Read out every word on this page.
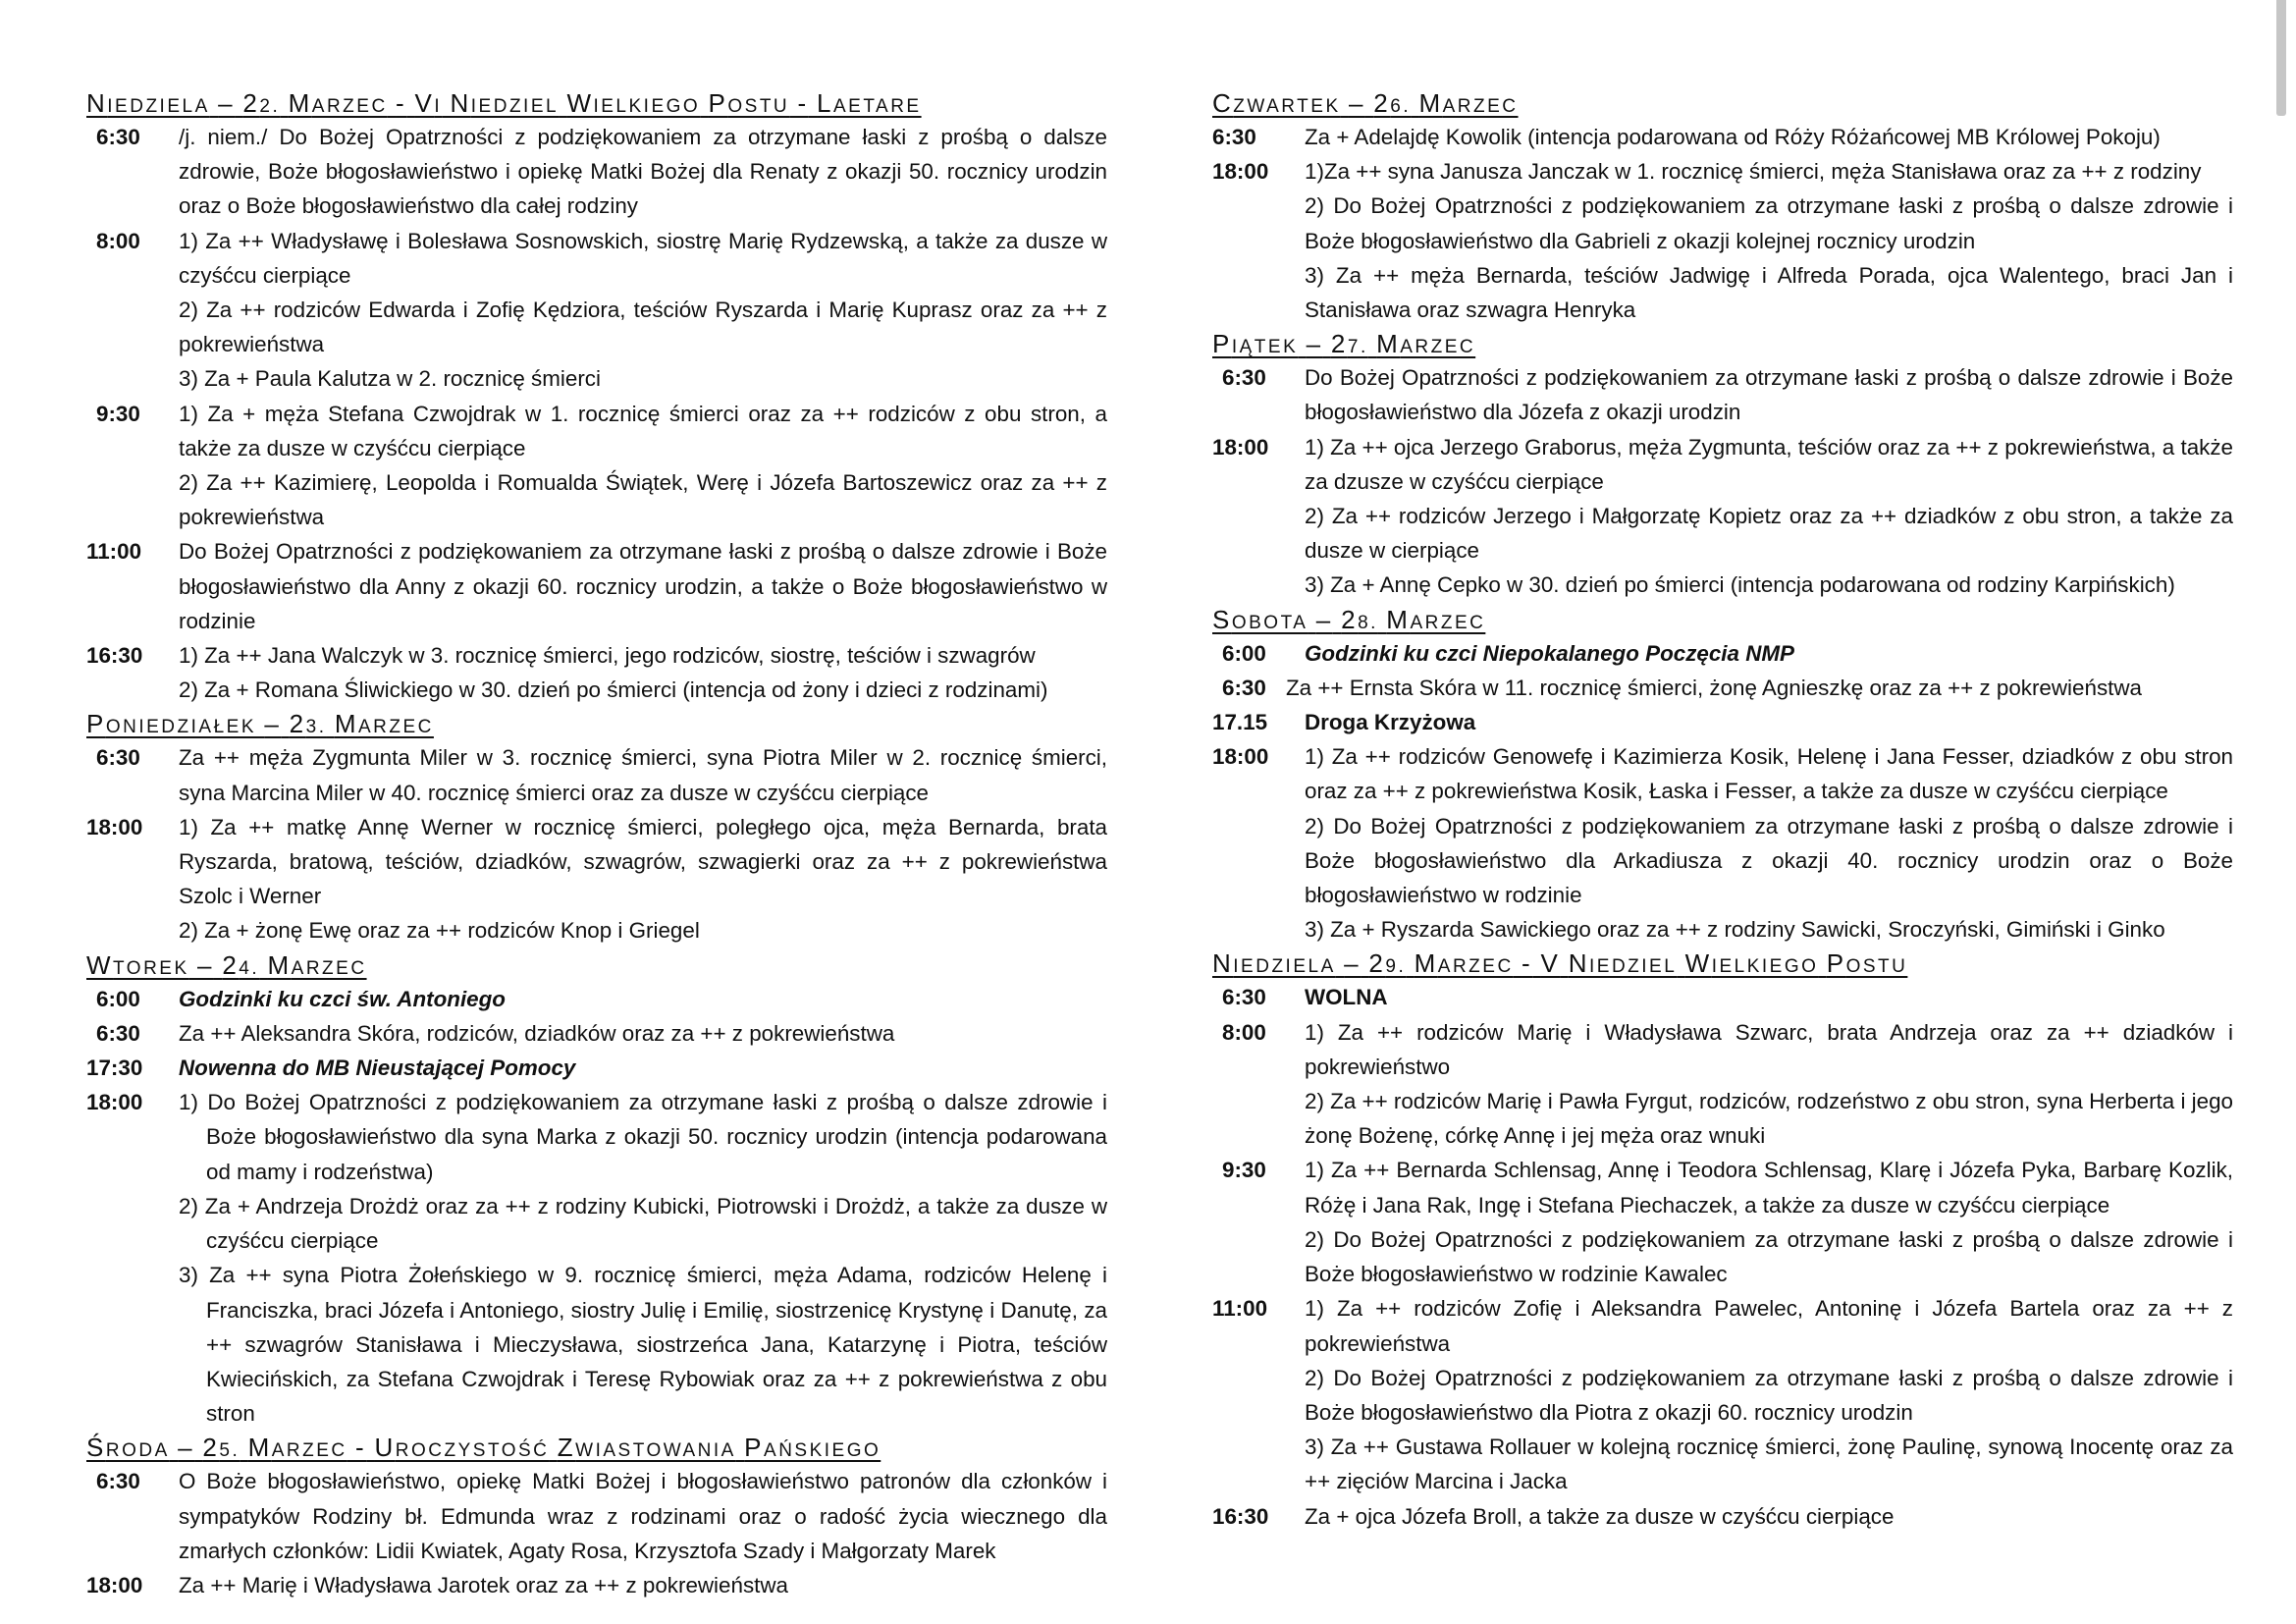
NIEDZIELA – 22. MARZEC - VI NIEDZIEL WIELKIEGO POSTU - LAETARE
6:30	/j. niem./ Do Bożej Opatrzności z podziękowaniem za otrzymane łaski z prośbą o dalsze zdrowie, Boże błogosławieństwo i opiekę Matki Bożej dla Renaty z okazji 50. rocznicy urodzin oraz o Boże błogosławieństwo dla całej rodziny
8:00	1) Za ++ Władysławę i Bolesława Sosnowskich, siostrę Marię Rydzewską, a także za dusze w czyśćcu cierpiące
2) Za ++ rodziców Edwarda i Zofię Kędziora, teściów Ryszarda i Marię Kuprasz oraz za ++ z pokrewieństwa
3) Za + Paula Kalutza w 2. rocznicę śmierci
9:30	1) Za + męża Stefana Czwojdrak w 1. rocznicę śmierci oraz za ++ rodziców z obu stron, a także za dusze w czyśćcu cierpiące
2) Za ++ Kazimierę, Leopolda i Romualda Świątek, Werę i Józefa Bartoszewicz oraz za ++ z pokrewieństwa
11:00	Do Bożej Opatrzności z podziękowaniem za otrzymane łaski z prośbą o dalsze zdrowie i Boże błogosławieństwo dla Anny z okazji 60. rocznicy urodzin, a także o Boże błogosławieństwo w rodzinie
16:30	1) Za ++ Jana Walczyk w 3. rocznicę śmierci, jego rodziców, siostrę, teściów i szwagrów
2) Za + Romana Śliwickiego w 30. dzień po śmierci (intencja od żony i dzieci z rodzinami)
PONIEDZIAŁEK – 23. MARZEC
6:30	Za ++ męża Zygmunta Miler w 3. rocznicę śmierci, syna Piotra Miler w 2. rocznicę śmierci, syna Marcina Miler w 40. rocznicę śmierci oraz za dusze w czyśćcu cierpiące
18:00	1) Za ++ matkę Annę Werner w rocznicę śmierci, poległego ojca, męża Bernarda, brata Ryszarda, bratową, teściów, dziadków, szwagrów, szwagierki oraz za ++ z pokrewieństwa Szolc i Werner
2) Za + żonę Ewę oraz za ++ rodziców Knop i Griegel
WTOREK – 24. MARZEC
6:00	Godzinki ku czci św. Antoniego
6:30	Za ++ Aleksandra Skóra, rodziców, dziadków oraz za ++ z pokrewieństwa
17:30	Nowenna do MB Nieustającej Pomocy
18:00	1) Do Bożej Opatrzności z podziękowaniem za otrzymane łaski z prośbą o dalsze zdrowie i Boże błogosławieństwo dla syna Marka z okazji 50. rocznicy urodzin (intencja podarowana od mamy i rodzeństwa)
2) Za + Andrzeja Drożdż oraz za ++ z rodziny Kubicki, Piotrowski i Drożdż, a także za dusze w czyśćcu cierpiące
3) Za ++ syna Piotra Żołeńskiego w 9. rocznicę śmierci, męża Adama, rodziców Helenę i Franciszka, braci Józefa i Antoniego, siostry Julię i Emilię, siostrzenicę Krystynę i Danutę, za ++ szwagrów Stanisława i Mieczysława, siostrzeńca Jana, Katarzynę i Piotra, teściów Kwiecińskich, za Stefana Czwojdrak i Teresę Rybowiak oraz za ++ z pokrewieństwa z obu stron
ŚRODA – 25. MARZEC - UROCZYSTOŚĆ ZWIASTOWANIA PAŃSKIEGO
6:30	O Boże błogosławieństwo, opiekę Matki Bożej i błogosławieństwo patronów dla członków i sympatyków Rodziny bł. Edmunda wraz z rodzinami oraz o radość życia wiecznego dla zmarłych członków: Lidii Kwiatek, Agaty Rosa, Krzysztofa Szady i Małgorzaty Marek
18:00	Za ++ Marię i Władysława Jarotek oraz za ++ z pokrewieństwa
CZWARTEK – 26. MARZEC
6:30	Za + Adelajdę Kowolik (intencja podarowana od Róży Różańcowej MB Królowej Pokoju)
18:00	1)Za ++ syna Janusza Janczak w 1. rocznicę śmierci, męża Stanisława oraz za ++ z rodziny
2) Do Bożej Opatrzności z podziękowaniem za otrzymane łaski z prośbą o dalsze zdrowie i Boże błogosławieństwo dla Gabrieli z okazji kolejnej rocznicy urodzin
3) Za ++ męża Bernarda, teściów Jadwigę i Alfreda Porada, ojca Walentego, braci Jan i Stanisława oraz szwagra Henryka
PIĄTEK – 27. MARZEC
6:30	Do Bożej Opatrzności z podziękowaniem za otrzymane łaski z prośbą o dalsze zdrowie i Boże błogosławieństwo dla Józefa z okazji urodzin
18:00	1) Za ++ ojca Jerzego Graborus, męża Zygmunta, teściów oraz za ++ z pokrewieństwa, a także za dzusze w czyśćcu cierpiące
2) Za ++ rodziców Jerzego i Małgorzatę Kopietz oraz za ++ dziadków z obu stron, a także za dusze w cierpiące
3) Za + Annę Cepko w 30. dzień po śmierci (intencja podarowana od rodziny Karpińskich)
SOBOTA – 28. MARZEC
6:00	Godzinki ku czci Niepokalanego Poczęcia NMP
6:30 Za ++ Ernsta Skóra w 11. rocznicę śmierci, żonę Agnieszkę oraz za ++ z pokrewieństwa
17.15	Droga Krzyżowa
18:00	1) Za ++ rodziców Genowefę i Kazimierza Kosik, Helenę i Jana Fesser, dziadków z obu stron oraz za ++ z pokrewieństwa Kosik, Łaska i Fesser, a także za dusze w czyśćcu cierpiące
2) Do Bożej Opatrzności z podziękowaniem za otrzymane łaski z prośbą o dalsze zdrowie i Boże błogosławieństwo dla Arkadiusza z okazji 40. rocznicy urodzin oraz o Boże błogosławieństwo w rodzinie
3) Za + Ryszarda Sawickiego oraz za ++ z rodziny Sawicki, Sroczyński, Gimiński i Ginko
NIEDZIELA – 29. MARZEC - V NIEDZIEL WIELKIEGO POSTU
6:30	WOLNA
8:00	1) Za ++ rodziców Marię i Władysława Szwarc, brata Andrzeja oraz za ++ dziadków i pokrewieństwo
2) Za ++ rodziców Marię i Pawła Fyrgut, rodziców, rodzeństwo z obu stron, syna Herberta i jego żonę Bożenę, córkę Annę i jej męża oraz wnuki
9:30	1) Za ++ Bernarda Schlensag, Annę i Teodora Schlensag, Klarę i Józefa Pyka, Barbarę Kozlik, Różę i Jana Rak, Ingę i Stefana Piechaczek, a także za dusze w czyśćcu cierpiące
2) Do Bożej Opatrzności z podziękowaniem za otrzymane łaski z prośbą o dalsze zdrowie i Boże błogosławieństwo w rodzinie Kawalec
11:00	1) Za ++ rodziców Zofię i Aleksandra Pawelec, Antoninę i Józefa Bartela oraz za ++ z pokrewieństwa
2) Do Bożej Opatrzności z podziękowaniem za otrzymane łaski z prośbą o dalsze zdrowie i Boże błogosławieństwo dla Piotra z okazji 60. rocznicy urodzin
3) Za ++ Gustawa Rollauer w kolejną rocznicę śmierci, żonę Paulinę, synową Inocentę oraz za ++ zięciów Marcina i Jacka
16:30	Za + ojca Józefa Broll, a także za dusze w czyśćcu cierpiące
